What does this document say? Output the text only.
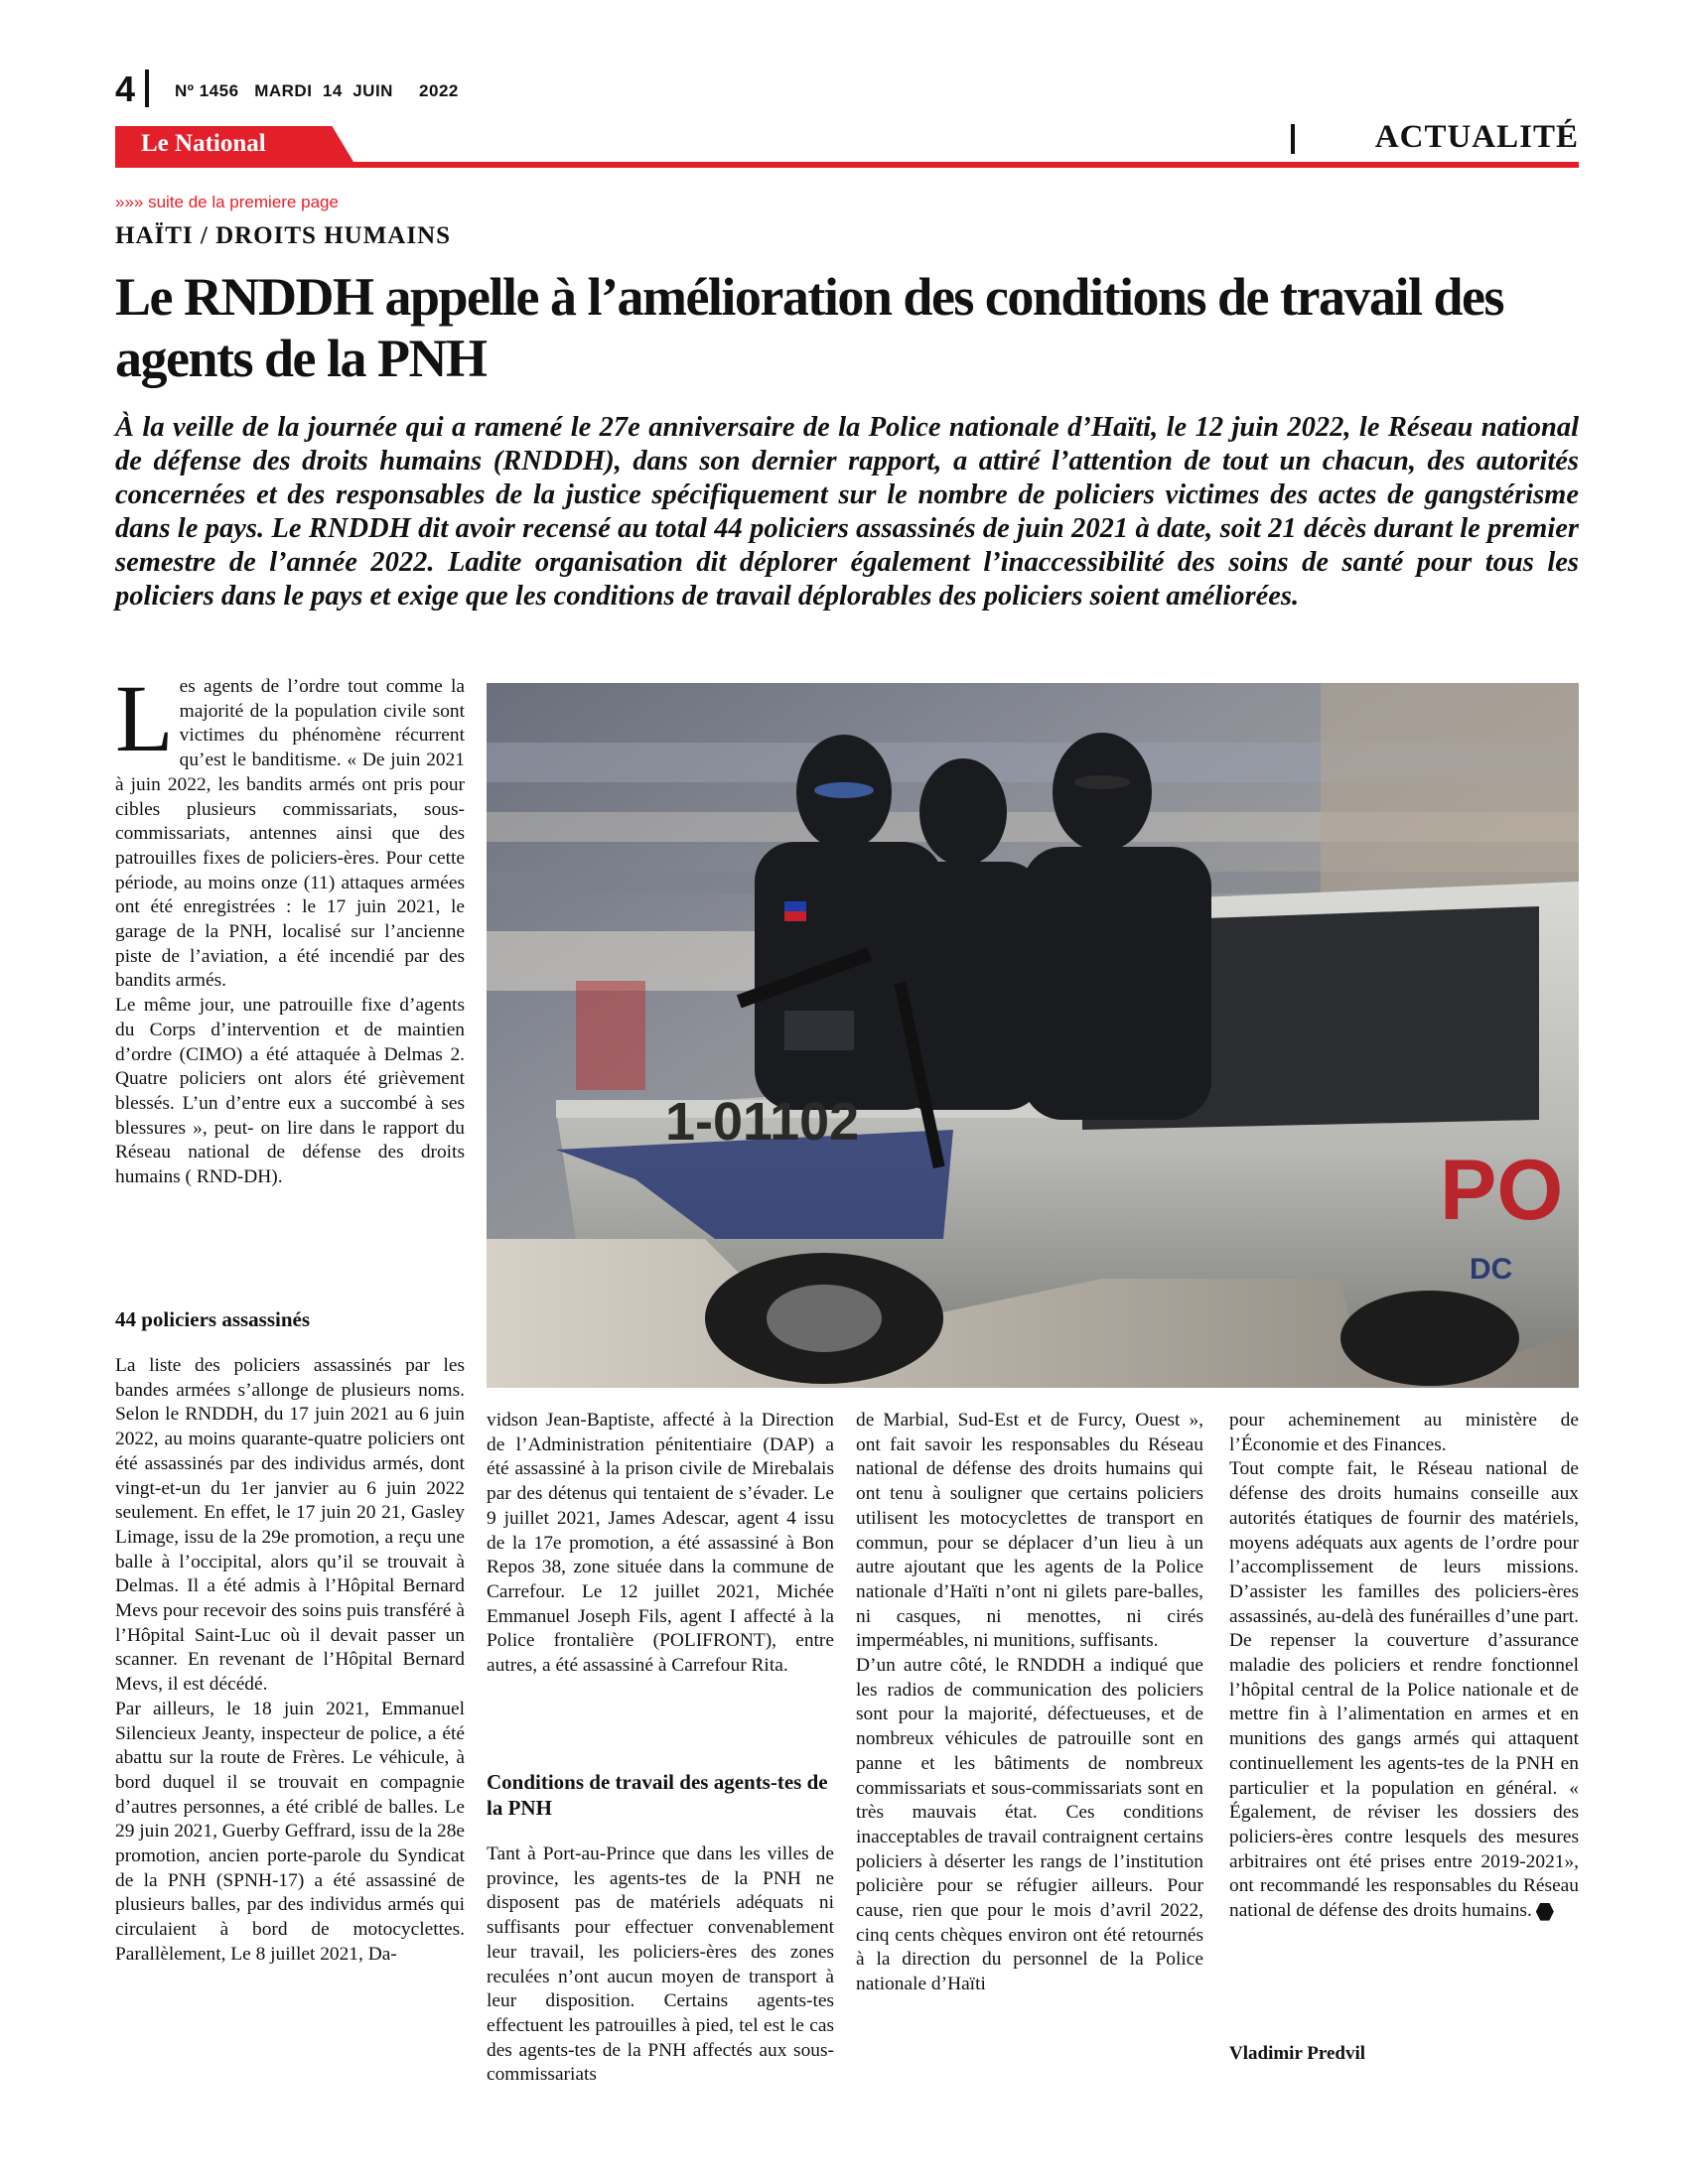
4 Nº 1456   MARDI  14  JUIN     2022
Le National	ACTUALITÉ
»»» suite de la premiere page
HAÏTI / DROITS HUMAINS
Le RNDDH appelle à l’amélioration des conditions de travail des agents de la PNH

À la veille de la journée qui a ramené le 27e anniversaire de la Police nationale d’Haïti, le 12 juin 2022, le Réseau national de défense des droits humains (RNDDH), dans son dernier rapport, a attiré l’attention de tout un chacun, des autorités concernées et des responsables de la justice spécifiquement sur le nombre de policiers victimes des actes de gangstérisme dans le pays. Le RNDDH dit avoir recensé au total 44 policiers assassinés de juin 2021 à date, soit 21 décès durant le premier semestre de l’année 2022. Ladite organisation dit déplorer également l’inaccessibilité des soins de santé pour tous les policiers dans le pays et exige que les conditions de travail déplorables des policiers soient améliorées.

1-01102
PO
DC

Les agents de l’ordre tout comme la majorité de la population civile sont victimes du phénomène récurrent qu’est le banditisme. « De juin 2021 à juin 2022, les bandits armés ont pris pour cibles plusieurs commissariats, sous-commissariats, antennes ainsi que des patrouilles fixes de policiers-ères. Pour cette période, au moins onze (11) attaques armées ont été enregistrées : le 17 juin 2021, le garage de la PNH, localisé sur l’ancienne piste de l’aviation, a été incendié par des bandits armés.

Le même jour, une patrouille fixe d’agents du Corps d’intervention et de maintien d’ordre (CIMO) a été attaquée à Delmas 2. Quatre policiers ont alors été grièvement blessés. L’un d’entre eux a succombé à ses blessures », peut- on lire dans le rapport du Réseau national de défense des droits humains ( RND-DH).

44 policiers assassinés

La liste des policiers assassinés par les bandes armées s’allonge de plusieurs noms. Selon le RNDDH, du 17 juin 2021 au 6 juin 2022, au moins quarante-quatre policiers ont été assassinés par des individus armés, dont vingt-et-un du 1er janvier au 6 juin 2022 seulement. En effet, le 17 juin 20 21, Gasley Limage, issu de la 29e promotion, a reçu une balle à l’occipital, alors qu’il se trouvait à Delmas. Il a été admis à l’Hôpital Bernard Mevs pour recevoir des soins puis transféré à l’Hôpital Saint-Luc où il devait passer un scanner. En revenant de l’Hôpital Bernard Mevs, il est décédé.

Par ailleurs, le 18 juin 2021, Emmanuel Silencieux Jeanty, inspecteur de police, a été abattu sur la route de Frères. Le véhicule, à bord duquel il se trouvait en compagnie d’autres personnes, a été criblé de balles. Le 29 juin 2021, Guerby Geffrard, issu de la 28e promotion, ancien porte-parole du Syndicat de la PNH (SPNH-17) a été assassiné de plusieurs balles, par des individus armés qui circulaient à bord de motocyclettes. Parallèlement, Le 8 juillet 2021, Da-

vidson Jean-Baptiste, affecté à la Direction de l’Administration pénitentiaire (DAP) a été assassiné à la prison civile de Mirebalais par des détenus qui tentaient de s’évader. Le 9 juillet 2021, James Adescar, agent 4 issu de la 17e promotion, a été assassiné à Bon Repos 38, zone située dans la commune de Carrefour. Le 12 juillet 2021, Michée Emmanuel Joseph Fils, agent I affecté à la Police frontalière (POLIFRONT), entre autres, a été assassiné à Carrefour Rita.

Conditions de travail des agents-tes de la PNH

Tant à Port-au-Prince que dans les villes de province, les agents-tes de la PNH ne disposent pas de matériels adéquats ni suffisants pour effectuer convenablement leur travail, les policiers-ères des zones reculées n’ont aucun moyen de transport à leur disposition. Certains agents-tes effectuent les patrouilles à pied, tel est le cas des agents-tes de la PNH affectés aux sous-commissariats

de Marbial, Sud-Est et de Furcy, Ouest », ont fait savoir les responsables du Réseau national de défense des droits humains qui ont tenu à souligner que certains policiers utilisent les motocyclettes de transport en commun, pour se déplacer d’un lieu à un autre ajoutant que les agents de la Police nationale d’Haïti n’ont ni gilets pare-balles, ni casques, ni menottes, ni cirés imperméables, ni munitions, suffisants.

D’un autre côté, le RNDDH a indiqué que les radios de communication des policiers sont pour la majorité, défectueuses, et de nombreux véhicules de patrouille sont en panne et les bâtiments de nombreux commissariats et sous-commissariats sont en très mauvais état. Ces conditions inacceptables de travail contraignent certains policiers à déserter les rangs de l’institution policière pour se réfugier ailleurs. Pour cause, rien que pour le mois d’avril 2022, cinq cents chèques environ ont été retournés à la direction du personnel de la Police nationale d’Haïti

pour acheminement au ministère de l’Économie et des Finances.

Tout compte fait, le Réseau national de défense des droits humains conseille aux autorités étatiques de fournir des matériels, moyens adéquats aux agents de l’ordre pour l’accomplissement de leurs missions. D’assister les familles des policiers-ères assassinés, au-delà des funérailles d’une part. De repenser la couverture d’assurance maladie des policiers et rendre fonctionnel l’hôpital central de la Police nationale et de mettre fin à l’alimentation en armes et en munitions des gangs armés qui attaquent continuellement les agents-tes de la PNH en particulier et la population en général. « Également, de réviser les dossiers des policiers-ères contre lesquels des mesures arbitraires ont été prises entre 2019-2021», ont recommandé les responsables du Réseau national de défense des droits humains.

Vladimir Predvil
